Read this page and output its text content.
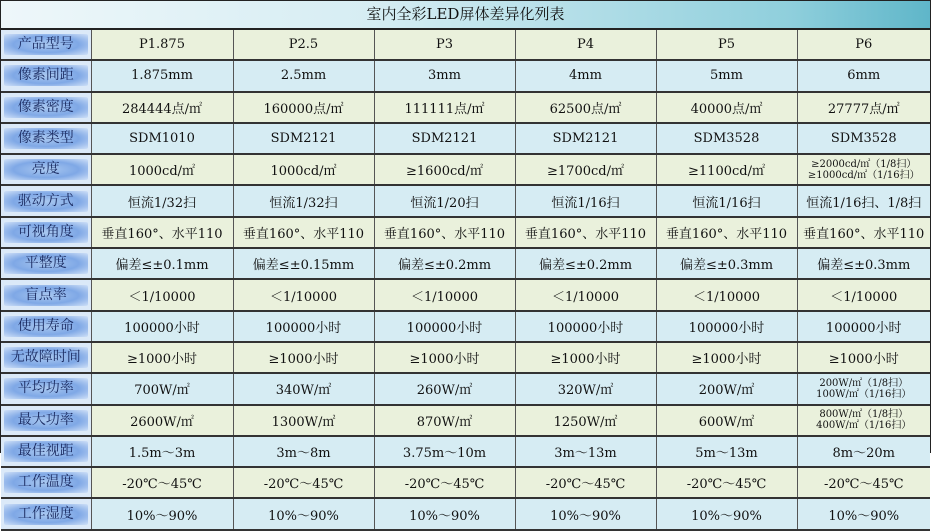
室内全彩LED屏体差异化列表
产品型号	P1.875	P2.5	P3	P4	P5	P6

像素间距	1.875mm	2.5mm	3mm	4mm	5mm	6mm

像素密度	284444点/㎡	160000点/㎡	111111点/㎡	62500点/㎡	40000点/㎡	27777点/㎡

像素类型	SDM1010	SDM2121	SDM2121	SDM2121	SDM3528	SDM3528

亮度	1000cd/㎡	1000cd/㎡	≥1600cd/㎡	≥1700cd/㎡	≥1100cd/㎡	≥2000cd/㎡（1/8扫）
≥1000cd/㎡（1/16扫）

驱动方式	恒流1/32扫	恒流1/32扫	恒流1/20扫	恒流1/16扫	恒流1/16扫	恒流1/16扫、1/8扫

可视角度	垂直160°、水平110	垂直160°、水平110	垂直160°、水平110	垂直160°、水平110	垂直160°、水平110	垂直160°、水平110

平整度	偏差≤±0.1mm	偏差≤±0.15mm	偏差≤±0.2mm	偏差≤±0.2mm	偏差≤±0.3mm	偏差≤±0.3mm

盲点率	＜1/10000	＜1/10000	＜1/10000	＜1/10000	＜1/10000	＜1/10000

使用寿命	100000小时	100000小时	100000小时	100000小时	100000小时	100000小时

无故障时间	≥1000小时	≥1000小时	≥1000小时	≥1000小时	≥1000小时	≥1000小时

平均功率	700W/㎡	340W/㎡	260W/㎡	320W/㎡	200W/㎡	200W/㎡（1/8扫）
100W/㎡（1/16扫）

最大功率	2600W/㎡	1300W/㎡	870W/㎡	1250W/㎡	600W/㎡	800W/㎡（1/8扫）
400W/㎡（1/16扫）

最佳视距	1.5m～3m	3m～8m	3.75m～10m	3m～13m	5m～13m	8m～20m

工作温度	-20℃～45℃	-20℃～45℃	-20℃～45℃	-20℃～45℃	-20℃～45℃	-20℃～45℃

工作湿度	10%～90%	10%～90%	10%～90%	10%～90%	10%～90%	10%～90%
